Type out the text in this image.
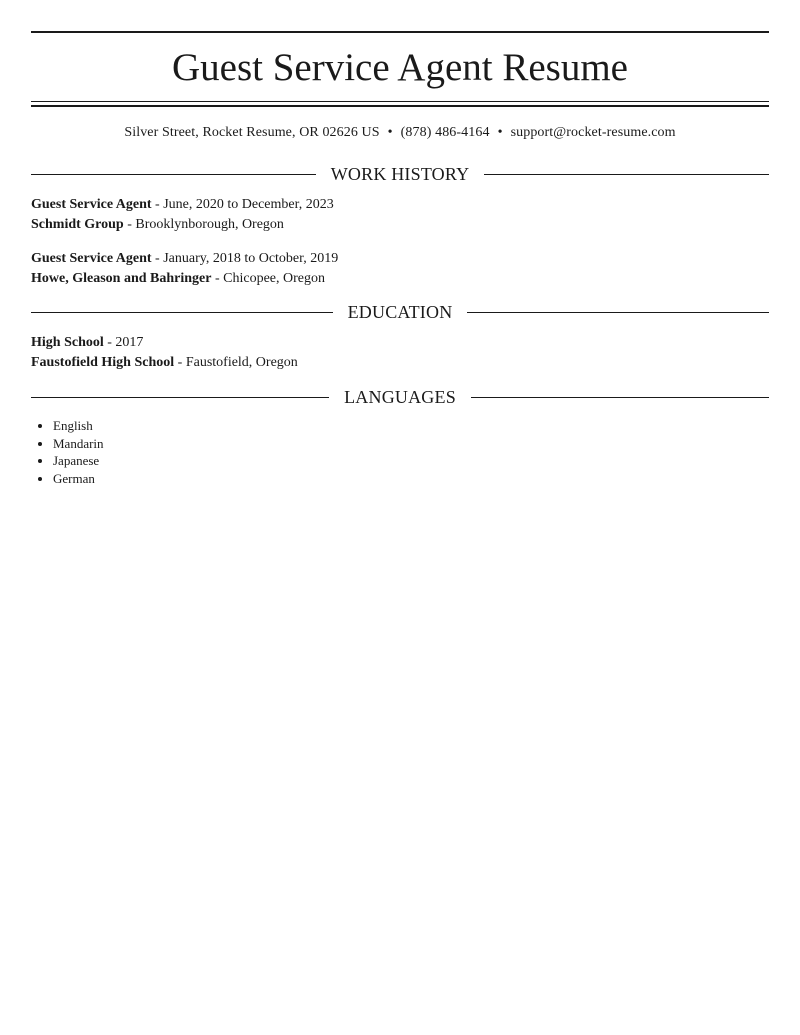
Guest Service Agent Resume
Silver Street, Rocket Resume, OR 02626 US • (878) 486-4164 • support@rocket-resume.com
WORK HISTORY
Guest Service Agent - June, 2020 to December, 2023
Schmidt Group - Brooklynborough, Oregon
Guest Service Agent - January, 2018 to October, 2019
Howe, Gleason and Bahringer - Chicopee, Oregon
EDUCATION
High School - 2017
Faustofield High School - Faustofield, Oregon
LANGUAGES
• English
• Mandarin
• Japanese
• German
